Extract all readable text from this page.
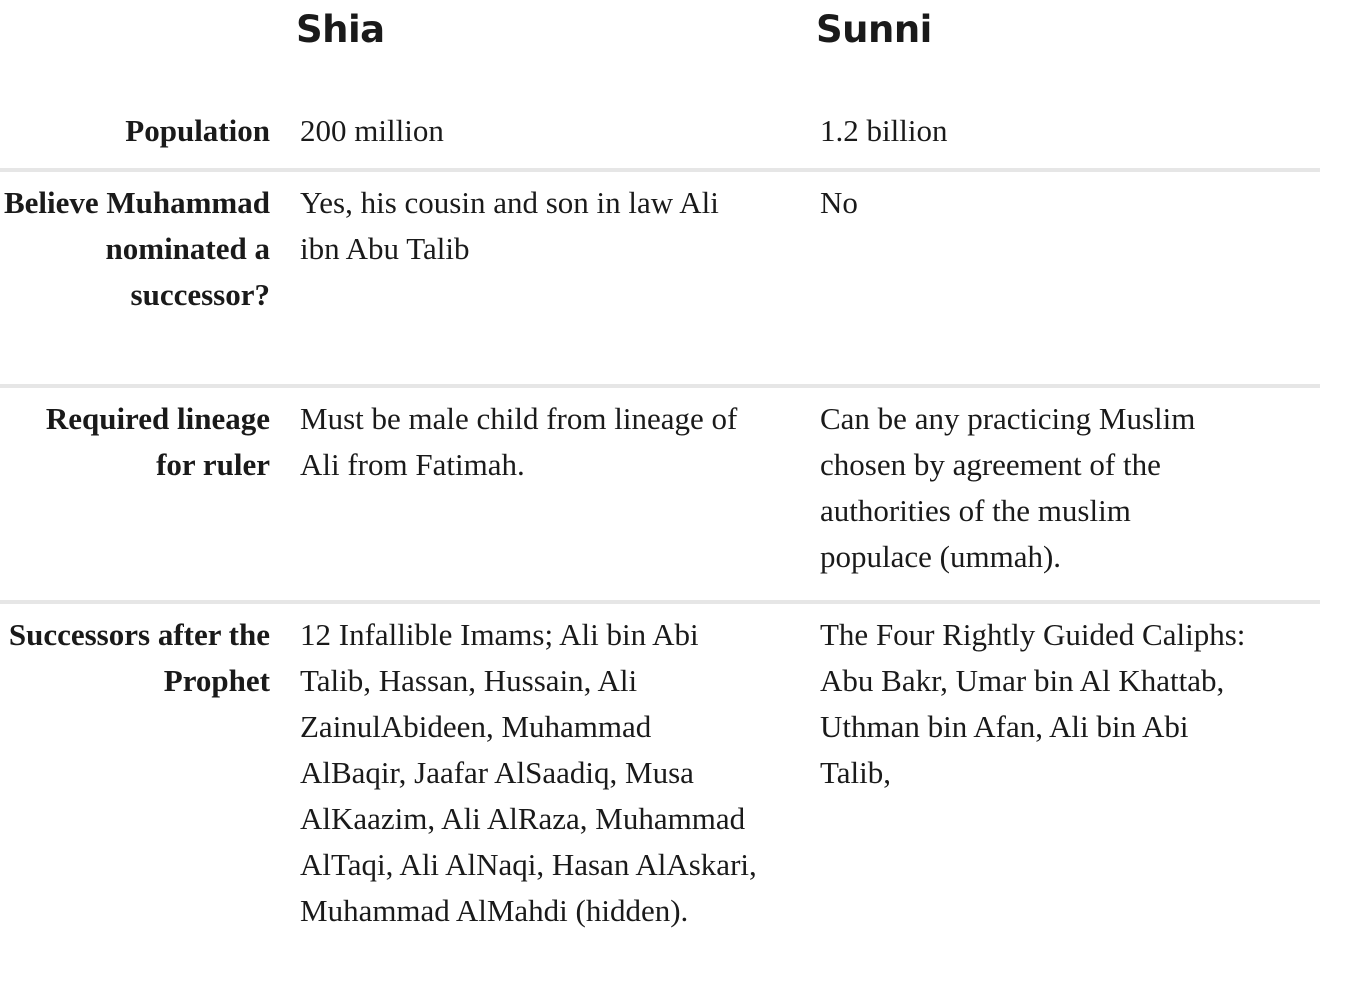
Shia	Sunni
Population 200 million	1.2 billion
Believe Muhammad nominated a successor?
Yes, his cousin and son in law Ali ibn Abu Talib
No
Required lineage for ruler
Must be male child from lineage of Ali from Fatimah.
Can be any practicing Muslim chosen by agreement of the authorities of the muslim populace (ummah).
Successors after the Prophet
12 Infallible Imams; Ali bin Abi Talib, Hassan, Hussain, Ali ZainulAbideen, Muhammad AlBaqir, Jaafar AlSaadiq, Musa AlKaazim, Ali AlRaza, Muhammad AlTaqi, Ali AlNaqi, Hasan AlAskari, Muhammad AlMahdi (hidden).
The Four Rightly Guided Caliphs: Abu Bakr, Umar bin Al Khattab, Uthman bin Afan, Ali bin Abi Talib,
